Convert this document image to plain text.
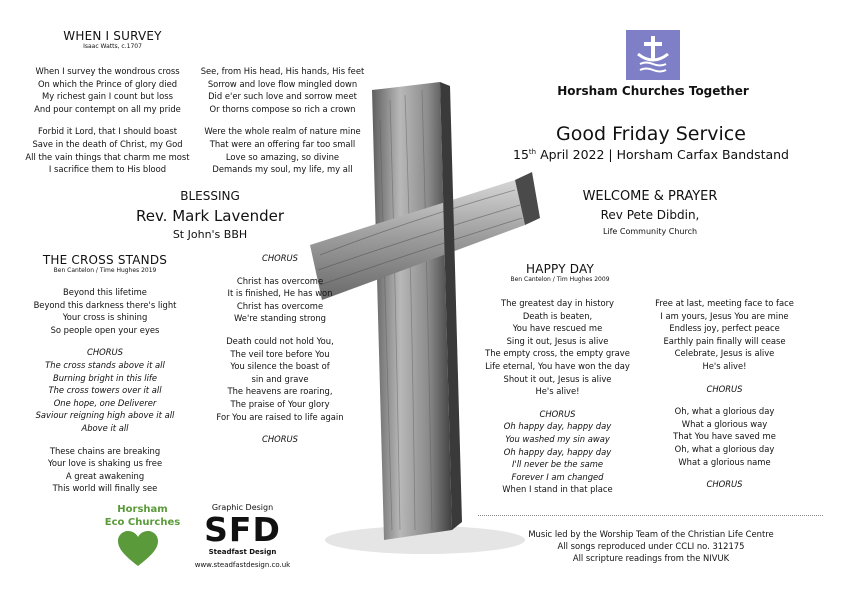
WHEN I SURVEY
Isaac Watts, c.1707
When I survey the wondrous cross
On which the Prince of glory died
My richest gain I count but loss
And pour contempt on all my pride
Forbid it Lord, that I should boast
Save in the death of Christ, my God
All the vain things that charm me most
I sacrifice them to His blood
See, from His head, His hands, His feet
Sorrow and love flow mingled down
Did e'er such love and sorrow meet
Or thorns compose so rich a crown
Were the whole realm of nature mine
That were an offering far too small
Love so amazing, so divine
Demands my soul, my life, my all
BLESSING
Rev. Mark Lavender
St John's BBH
THE CROSS STANDS
Ben Cantelon / Time Hughes 2019
Beyond this lifetime
Beyond this darkness there's light
Your cross is shining
So people open your eyes
CHORUS
The cross stands above it all
Burning bright in this life
The cross towers over it all
One hope, one Deliverer
Saviour reigning high above it all
Above it all
These chains are breaking
Your love is shaking us free
A great awakening
This world will finally see
CHORUS
Christ has overcome
It is finished, He has won
Christ has overcome
We're standing strong
Death could not hold You,
The veil tore before You
You silence the boast of
sin and grave
The heavens are roaring,
The praise of Your glory
For You are raised to life again
CHORUS
Horsham
Eco Churches
Graphic Design
SFD
Steadfast Design
www.steadfastdesign.co.uk
Horsham Churches Together
Good Friday Service
15th April 2022 | Horsham Carfax Bandstand
WELCOME & PRAYER
Rev Pete Dibdin,
Life Community Church
HAPPY DAY
Ben Cantelon / Tim Hughes 2009
The greatest day in history
Death is beaten,
You have rescued me
Sing it out, Jesus is alive
The empty cross, the empty grave
Life eternal, You have won the day
Shout it out, Jesus is alive
He's alive!
CHORUS
Oh happy day, happy day
You washed my sin away
Oh happy day, happy day
I'll never be the same
Forever I am changed
When I stand in that place
Free at last, meeting face to face
I am yours, Jesus You are mine
Endless joy, perfect peace
Earthly pain finally will cease
Celebrate, Jesus is alive
He's alive!
CHORUS
Oh, what a glorious day
What a glorious way
That You have saved me
Oh, what a glorious day
What a glorious name
CHORUS
Music led by the Worship Team of the Christian Life Centre
All songs reproduced under CCLI no. 312175
All scripture readings from the NIVUK
